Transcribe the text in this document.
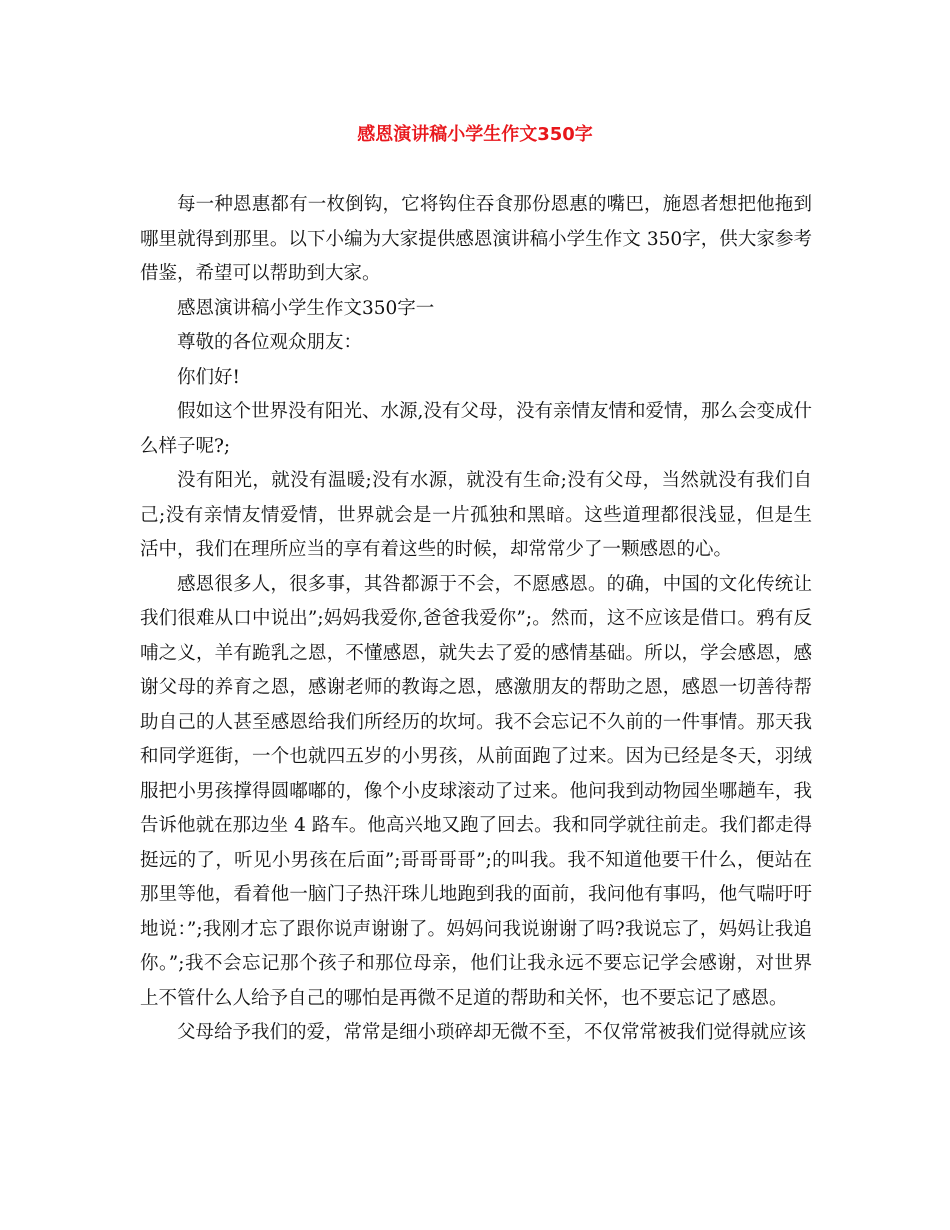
感恩演讲稿小学生作文350字

每一种恩惠都有一枚倒钩，它将钩住吞食那份恩惠的嘴巴，施恩者想把他拖到哪里就得到那里。以下小编为大家提供感恩演讲稿小学生作文 350字，供大家参考借鉴，希望可以帮助到大家。

感恩演讲稿小学生作文350字一

尊敬的各位观众朋友：

你们好!

假如这个世界没有阳光、水源,没有父母，没有亲情友情和爱情，那么会变成什么样子呢?;

没有阳光，就没有温暖;没有水源，就没有生命;没有父母，当然就没有我们自己;没有亲情友情爱情，世界就会是一片孤独和黑暗。这些道理都很浅显，但是生活中，我们在理所应当的享有着这些的时候，却常常少了一颗感恩的心。

感恩很多人，很多事，其咎都源于不会，不愿感恩。的确，中国的文化传统让我们很难从口中说出”;妈妈我爱你,爸爸我爱你”;。然而，这不应该是借口。鸦有反哺之义，羊有跪乳之恩，不懂感恩，就失去了爱的感情基础。所以，学会感恩，感谢父母的养育之恩，感谢老师的教诲之恩，感激朋友的帮助之恩，感恩一切善待帮助自己的人甚至感恩给我们所经历的坎坷。我不会忘记不久前的一件事情。那天我和同学逛街，一个也就四五岁的小男孩，从前面跑了过来。因为已经是冬天，羽绒服把小男孩撑得圆嘟嘟的，像个小皮球滚动了过来。他问我到动物园坐哪趟车，我告诉他就在那边坐 4 路车。他高兴地又跑了回去。我和同学就往前走。我们都走得挺远的了，听见小男孩在后面”;哥哥哥哥”;的叫我。我不知道他要干什么，便站在那里等他，看着他一脑门子热汗珠儿地跑到我的面前，我问他有事吗，他气喘吁吁地说：”;我刚才忘了跟你说声谢谢了。妈妈问我说谢谢了吗?我说忘了，妈妈让我追你。”;我不会忘记那个孩子和那位母亲，他们让我永远不要忘记学会感谢，对世界上不管什么人给予自己的哪怕是再微不足道的帮助和关怀，也不要忘记了感恩。

父母给予我们的爱，常常是细小琐碎却无微不至，不仅常常被我们觉得就应该
